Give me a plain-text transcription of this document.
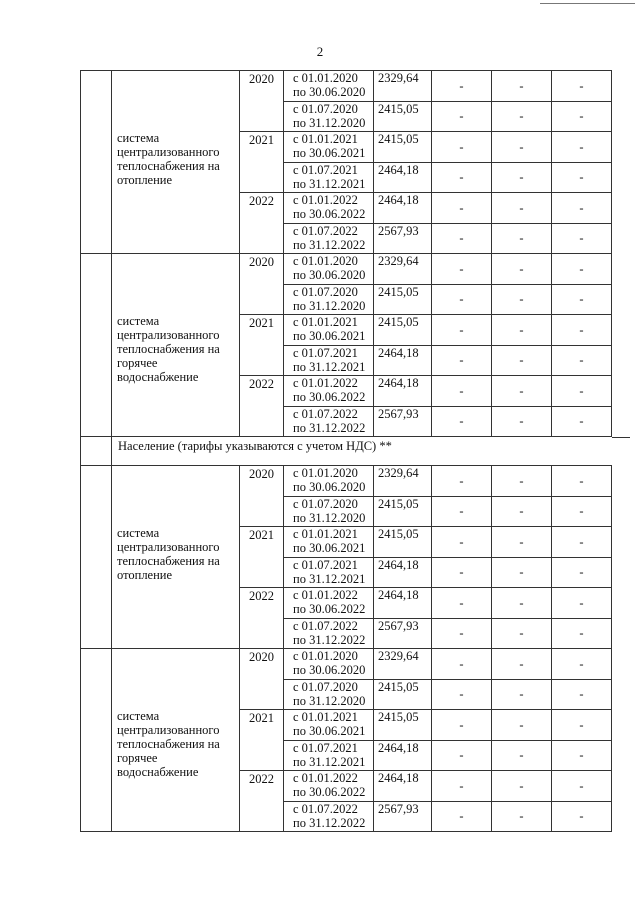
2
	система централизованного теплоснабжения на отопление	2020	с 01.01.2020
по 30.06.2020	2329,64	-	-	-

			с 01.07.2020
по 31.12.2020	2415,05	-	-	-
		2021	с 01.01.2021
по 30.06.2021	2415,05	-	-	-

			с 01.07.2021
по 31.12.2021	2464,18	-	-	-
		2022	с 01.01.2022
по 30.06.2022	2464,18	-	-	-

			с 01.07.2022
по 31.12.2022	2567,93	-	-	-
	система централизованного теплоснабжения на горячее водоснабжение	2020	с 01.01.2020
по 30.06.2020	2329,64	-	-	-

			с 01.07.2020
по 31.12.2020	2415,05	-	-	-
		2021	с 01.01.2021
по 30.06.2021	2415,05	-	-	-

			с 01.07.2021
по 31.12.2021	2464,18	-	-	-
		2022	с 01.01.2022
по 30.06.2022	2464,18	-	-	-

			с 01.07.2022
по 31.12.2022	2567,93	-	-	-
	Население (тарифы указываются с учетом НДС) **						
	система централизованного теплоснабжения на отопление	2020	с 01.01.2020
по 30.06.2020	2329,64	-	-	-

			с 01.07.2020
по 31.12.2020	2415,05	-	-	-
		2021	с 01.01.2021
по 30.06.2021	2415,05	-	-	-

			с 01.07.2021
по 31.12.2021	2464,18	-	-	-
		2022	с 01.01.2022
по 30.06.2022	2464,18	-	-	-

			с 01.07.2022
по 31.12.2022	2567,93	-	-	-
	система централизованного теплоснабжения на горячее водоснабжение	2020	с 01.01.2020
по 30.06.2020	2329,64	-	-	-

			с 01.07.2020
по 31.12.2020	2415,05	-	-	-
		2021	с 01.01.2021
по 30.06.2021	2415,05	-	-	-

			с 01.07.2021
по 31.12.2021	2464,18	-	-	-
		2022	с 01.01.2022
по 30.06.2022	2464,18	-	-	-

			с 01.07.2022
по 31.12.2022	2567,93	-	-	-
